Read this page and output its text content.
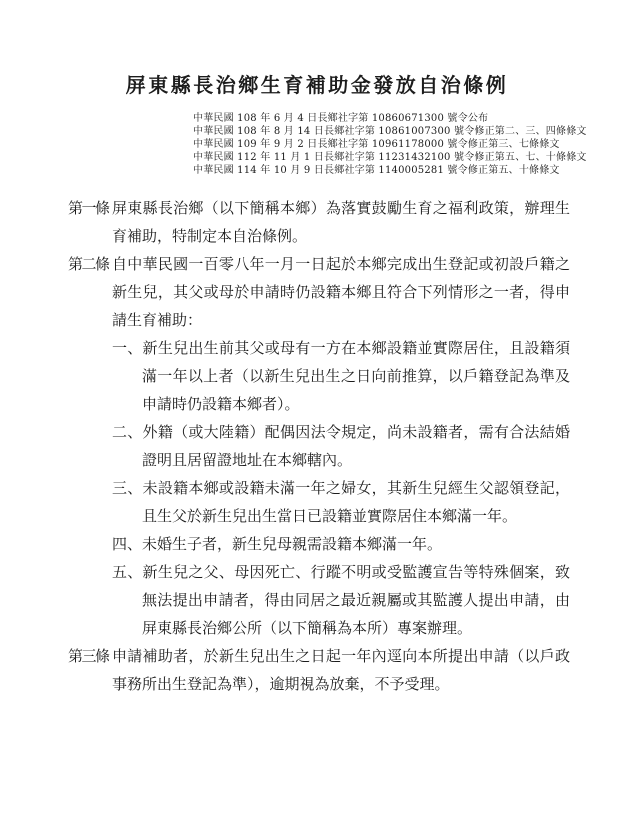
屏東縣長治鄉生育補助金發放自治條例
中華民國 108 年 6 月 4 日長鄉社字第 10860671300 號令公布
中華民國 108 年 8 月 14 日長鄉社字第 10861007300 號令修正第二、三、四條條文
中華民國 109 年 9 月 2 日長鄉社字第 10961178000 號令修正第三、七條條文
中華民國 112 年 11 月 1 日長鄉社字第 11231432100 號令修正第五、七、十條條文
中華民國 114 年 10 月 9 日長鄉社字第 1140005281 號令修正第五、十條條文
第一條 屏東縣長治鄉（以下簡稱本鄉）為落實鼓勵生育之福利政策，辦理生育補助，特制定本自治條例。

第二條 自中華民國一百零八年一月一日起於本鄉完成出生登記或初設戶籍之新生兒，其父或母於申請時仍設籍本鄉且符合下列情形之一者，得申請生育補助：

一、新生兒出生前其父或母有一方在本鄉設籍並實際居住，且設籍須滿一年以上者（以新生兒出生之日向前推算，以戶籍登記為準及申請時仍設籍本鄉者）。
二、外籍（或大陸籍）配偶因法令規定，尚未設籍者，需有合法結婚證明且居留證地址在本鄉轄內。
三、未設籍本鄉或設籍未滿一年之婦女，其新生兒經生父認領登記，且生父於新生兒出生當日已設籍並實際居住本鄉滿一年。
四、未婚生子者，新生兒母親需設籍本鄉滿一年。
五、新生兒之父、母因死亡、行蹤不明或受監護宣告等特殊個案，致無法提出申請者，得由同居之最近親屬或其監護人提出申請，由屏東縣長治鄉公所（以下簡稱為本所）專案辦理。
第三條 申請補助者，於新生兒出生之日起一年內逕向本所提出申請（以戶政事務所出生登記為準），逾期視為放棄，不予受理。
